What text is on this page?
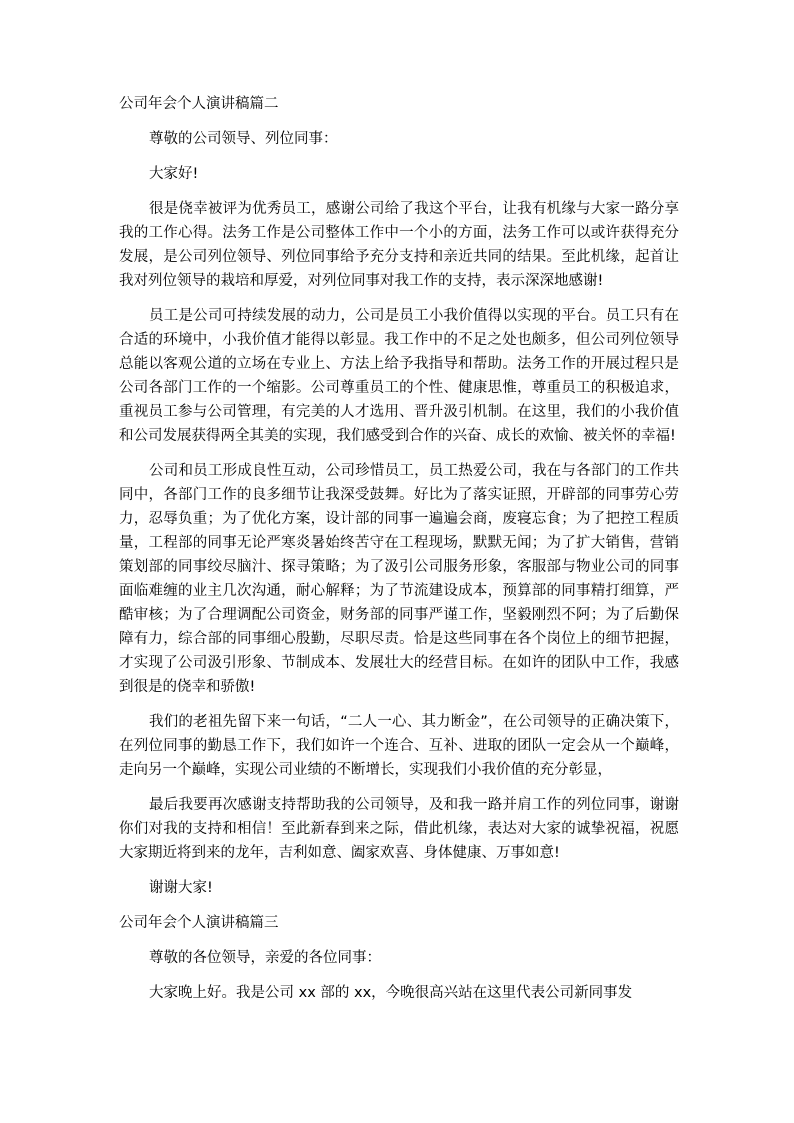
公司年会个人演讲稿篇二

尊敬的公司领导、列位同事：

大家好!

很是侥幸被评为优秀员工，感谢公司给了我这个平台，让我有机缘与大家一路分享我的工作心得。法务工作是公司整体工作中一个小的方面，法务工作可以或许获得充分发展，是公司列位领导、列位同事给予充分支持和亲近共同的结果。至此机缘，起首让我对列位领导的栽培和厚爱，对列位同事对我工作的支持，表示深深地感谢!

员工是公司可持续发展的动力，公司是员工小我价值得以实现的平台。员工只有在合适的环境中，小我价值才能得以彰显。我工作中的不足之处也颇多，但公司列位领导总能以客观公道的立场在专业上、方法上给予我指导和帮助。法务工作的开展过程只是公司各部门工作的一个缩影。公司尊重员工的个性、健康思惟，尊重员工的积极追求，重视员工参与公司管理，有完美的人才选用、晋升汲引机制。在这里，我们的小我价值和公司发展获得两全其美的实现，我们感受到合作的兴奋、成长的欢愉、被关怀的幸福!

公司和员工形成良性互动，公司珍惜员工，员工热爱公司，我在与各部门的工作共同中，各部门工作的良多细节让我深受鼓舞。好比为了落实证照，开辟部的同事劳心劳力，忍辱负重；为了优化方案，设计部的同事一遍遍会商，废寝忘食；为了把控工程质量，工程部的同事无论严寒炎暑始终苦守在工程现场，默默无闻；为了扩大销售，营销策划部的同事绞尽脑汁、探寻策略；为了汲引公司服务形象，客服部与物业公司的同事面临难缠的业主几次沟通，耐心解释；为了节流建设成本，预算部的同事精打细算，严酷审核；为了合理调配公司资金，财务部的同事严谨工作，坚毅刚烈不阿；为了后勤保障有力，综合部的同事细心殷勤，尽职尽责。恰是这些同事在各个岗位上的细节把握，才实现了公司汲引形象、节制成本、发展壮大的经营目标。在如许的团队中工作，我感到很是的侥幸和骄傲!

我们的老祖先留下来一句话，“二人一心、其力断金”，在公司领导的正确决策下，在列位同事的勤恳工作下，我们如许一个连合、互补、进取的团队一定会从一个巅峰，走向另一个巅峰，实现公司业绩的不断增长，实现我们小我价值的充分彰显，

最后我要再次感谢支持帮助我的公司领导，及和我一路并肩工作的列位同事，谢谢你们对我的支持和相信！至此新春到来之际，借此机缘，表达对大家的诚挚祝福，祝愿大家期近将到来的龙年，吉利如意、阖家欢喜、身体健康、万事如意!

谢谢大家!

公司年会个人演讲稿篇三

尊敬的各位领导，亲爱的各位同事：

大家晚上好。我是公司 xx 部的 xx，今晚很高兴站在这里代表公司新同事发
